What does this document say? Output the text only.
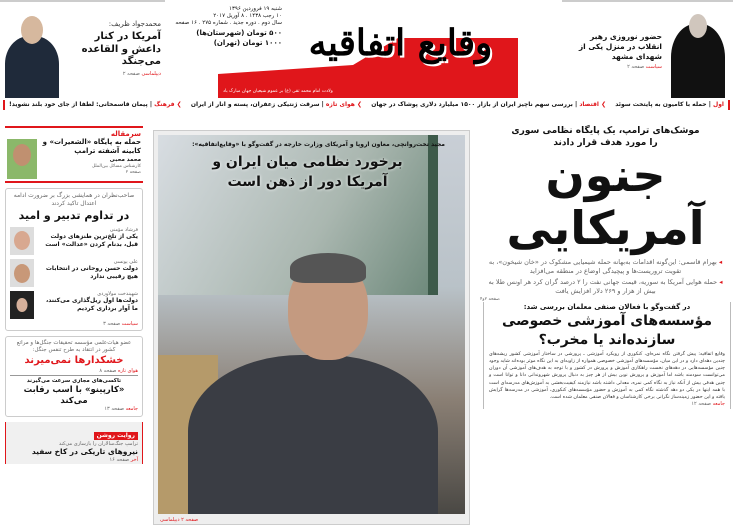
محمدجواد ظریف:
آمریکا در کنار داعش و القاعده می‌جنگد
دیپلماسی صفحه ۲
وقایع اتفاقیه
شنبه ۱۹ فروردین ۱۳۹۶
۱۰ رجب ۱۴۳۸ . ۸ آوریل ۲۰۱۷
سال دوم . دوره جدید . شماره ۲۷۵ . ۱۶ صفحه
۵۰۰ تومان (شهرستان‌ها)
۱۰۰۰ تومان (تهران)
ولادت امام محمد تقی (ع) بر عموم شیعیان جهان مبارک باد
حضور نوروزی رهبر انقلاب در منزل یکی از شهدای مشهد
سیاست صفحه ۲
اول | حمله با کامیون به پایتخت سوئد
❯ اقتصاد | بررسی سهم ناچیز ایران از بازار ۱۵۰۰ میلیارد دلاری پوشاک در جهان
❯ هوای تازه | سرقت ژنتیکی زعفران، پسته و انار از ایران
❯ فرهنگ | پیمان قاسمخانی: لطفا از جای خود بلند نشوید!
سرمقاله
حمله به پایگاه «الشعیرات» و کابینه آشفته ترامپ
محمد محبی
کارشناس مسائل بین‌الملل
صفحه ۲
صاحب‌نظران در همایشی بزرگ بر ضرورت ادامه اعتدال تاکید کردند
در تداوم تدبیر و امید
فرشاد مؤمنی
یکی از تلخ‌ترین طنزهای دولت قبل، بدنام کردن «عدالت» است
علی یونسی
دولت حسن روحانی در انتخابات هیچ رقیبی ندارد
شهیندخت مولاوردی
دولت‌ها اول ریل‌گذاری می‌کنند، ما آوار برداری کردیم
سیاست صفحه ۳
عضو هیات‌علمی مؤسسه تحقیقات جنگل‌ها و مراتع کشور در انتقاد به طرح تنفس جنگل:
خشکدارها نمی‌میرند
هوای تازه صفحه ۸
تاکسی‌های مجازی سرعت می‌گیرند
«کارپینو» با اسب رقابت می‌کند
جامعه صفحه ۱۳
روایت روشن
ترامپ جنگ‌سالاران را بازسازی می‌کند
نیروهای تاریکی در کاخ سفید
آخر صفحه ۱۶
مجید تخت‌روانچی، معاون اروپا و آمریکای وزارت خارجه در گفت‌وگو با «وقایع‌اتفاقیه»:
برخورد نظامی میان ایران و آمریکا دور از ذهن است
صفحه ۲ دیپلماسی
موشک‌های ترامپ، یک پایگاه نظامی سوری را مورد هدف قرار دادند
جنون
آمریکایی
◂ بهرام قاسمی: این‌گونه اقدامات به‌بهانه حمله شیمیایی مشکوک در «خان شیخون»، به تقویت تروریست‌ها و پیچیدگی اوضاع در منطقه می‌افزاید
◂ حمله هوایی آمریکا به سوریه، قیمت جهانی نفت را ۲ درصد گران کرد هر اونس طلا به بیش از هزار و ۲۶۹ دلار افزایش یافت
صفحه ۲و۴
در گفت‌وگو با فعالان صنفی معلمان بررسی شد:
مؤسسه‌های آموزشی خصوصی سازنده‌اند یا مخرب؟
وقایع اتفاقیه: پیش گرفتن نگاه نمره‌ای، کنکوری از رویکرد آموزشی ـ پرورشی در ساختار آموزشی کشور ریشه‌های چندین دهه‌ای دارد و در این میان، مؤسسه‌های آموزشی خصوصی همواره از زاویه‌ای به این نگاه موثر بوده‌اند شاید وجود چنین مؤسسه‌هایی در دهه‌های نخست راهکاری آموزش و پرورش در کشور و با توجه به هدف‌های آموزشی آن دوران می‌توانست سودمند باشد اما آموزش و پرورش نوین بیش از هر چیز به دنبال پرورش شهروندانی دانا و توانا است و چنین هدفی بیش از آنکه نیاز به نگاه کمی نمره، معدلی داشته باشد نیازمند کیفیت‌بخشی به آموزش‌های مدرسه‌ای است با همه اینها در یکی دو دهه گذشته نگاه کمی به آموزش و حضور مؤسسه‌های کنکوری، آموزشی در مدرسه‌ها گرایش یافته و این حضور زمینه‌ساز نگرانی برخی کارشناسان و فعالان صنفی معلمان شده است.
جامعه صفحه ۱۲
